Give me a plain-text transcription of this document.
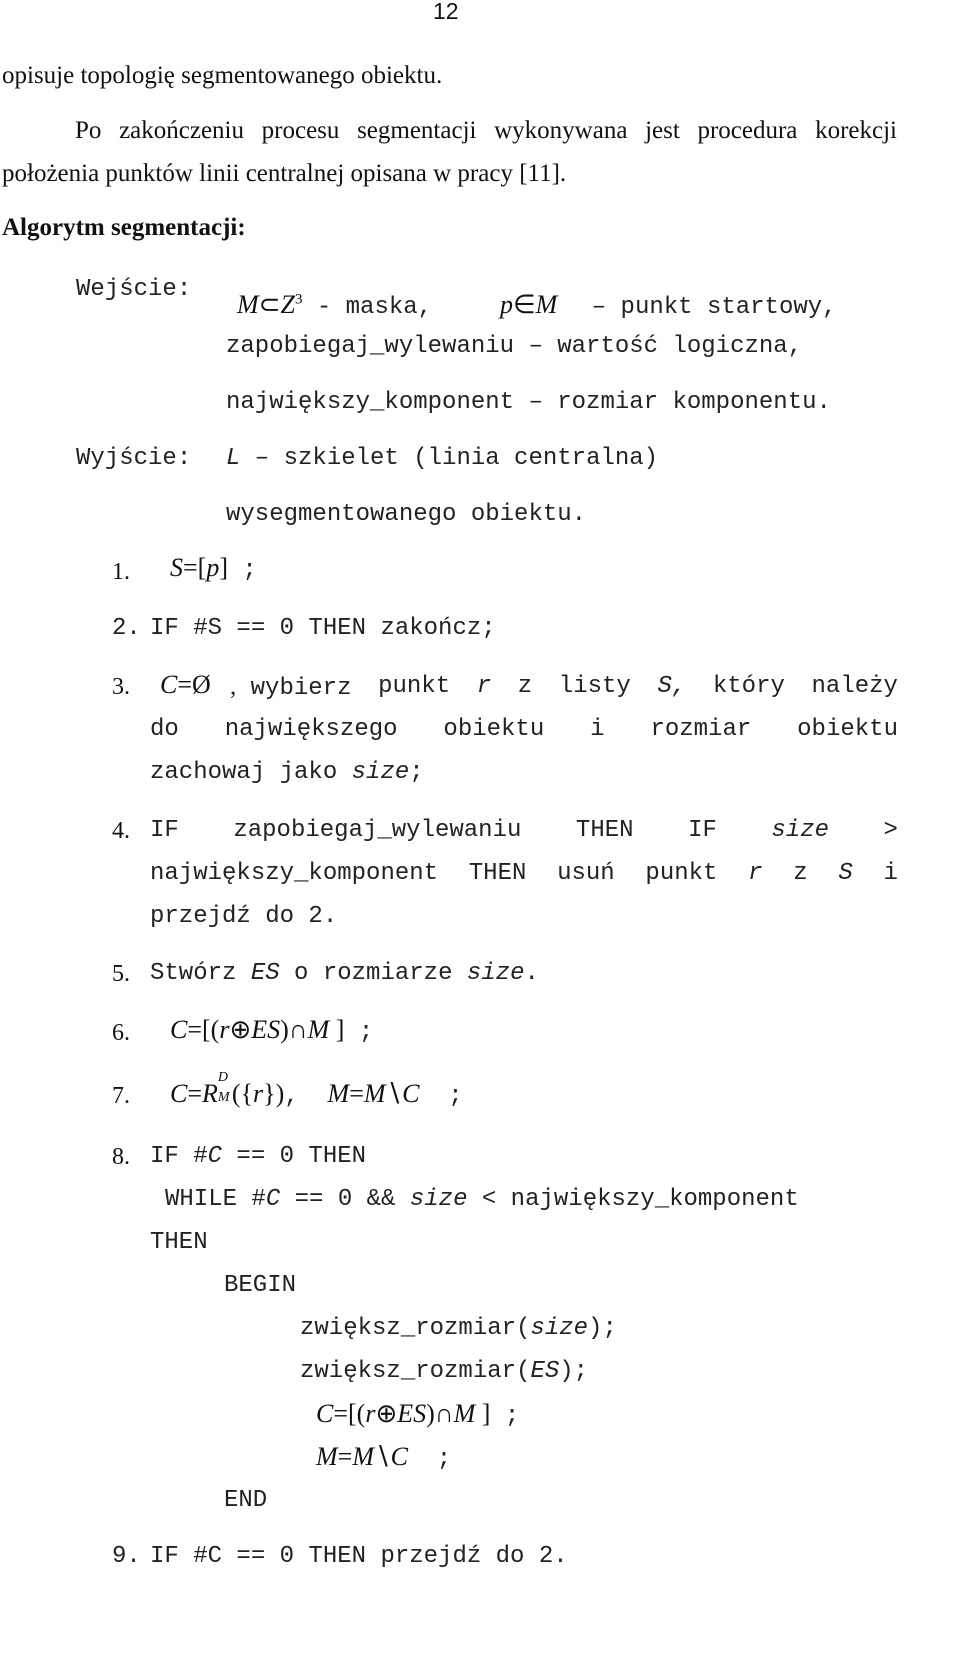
12
opisuje topologię segmentowanego obiektu.
Po zakończeniu procesu segmentacji wykonywana jest procedura korekcji
położenia punktów linii centralnej opisana w pracy [11].
Algorytm segmentacji:
Wejście:

$M\subset Z^3$ - maska,	p∈M – punkt startowy,

zapobiegaj_wylewaniu – wartość logiczna,
największy_komponent – rozmiar komponentu.
Wyjście: L – szkielet (linia centralna)
wysegmentowanego obiektu.
1. S=[p] ;
2. IF #S == 0 THEN zakończ;
3. C=Ø , wybierz punkt r z listy S, który należy
do największego obiektu i rozmiar obiektu
zachowaj jako size;
4. IF zapobiegaj_wylewaniu THEN IF size >
największy_komponent THEN usuń punkt r z S i
przejdź do 2.
5. Stwórz ES o rozmiarze size.
6. C=[(r⊕ES)∩M ] ;
7. C=R
D
M ({r}),  M=M∖C  ;
8. IF #C == 0 THEN
WHILE #C == 0 && size < największy_komponent
THEN
BEGIN
zwiększ_rozmiar(size);
zwiększ_rozmiar(ES);
C=[(r⊕ES)∩M ] ;
M=M∖C  ;
END
9. IF #C == 0 THEN przejdź do 2.
